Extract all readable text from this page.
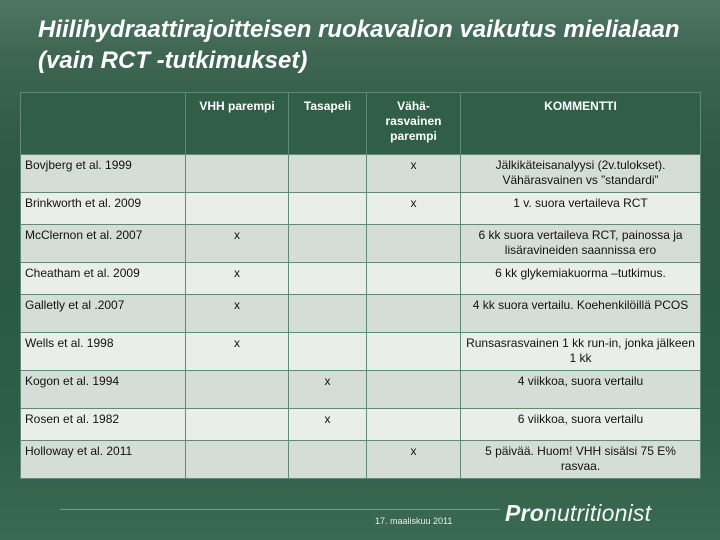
Hiilihydraattirajoitteisen ruokavalion vaikutus mielialaan (vain RCT -tutkimukset)
	VHH parempi	Tasapeli	Vähä-rasvainen parempi	KOMMENTTI
Bovjberg et al. 1999			x	Jälkikäteisanalyysi (2v.tulokset). Vähärasvainen vs ”standardi”
Brinkworth et al. 2009			x	1 v. suora vertaileva RCT
McClernon et al. 2007	x			6 kk suora vertaileva RCT, painossa ja lisäravineiden saannissa ero
Cheatham et al. 2009	x			6 kk glykemiakuorma –tutkimus.
Galletly et al .2007	x			4 kk suora vertailu. Koehenkilöillä PCOS
Wells et al. 1998	x			Runsasrasvainen 1 kk run-in, jonka jälkeen 1 kk
Kogon et al. 1994		x		4 viikkoa, suora vertailu
Rosen et al. 1982		x		6 viikkoa, suora vertailu
Holloway et al. 2011			x	5 päivää. Huom! VHH sisälsi 75 E% rasvaa.
17. maaliskuu 2011 Pronutritionist
